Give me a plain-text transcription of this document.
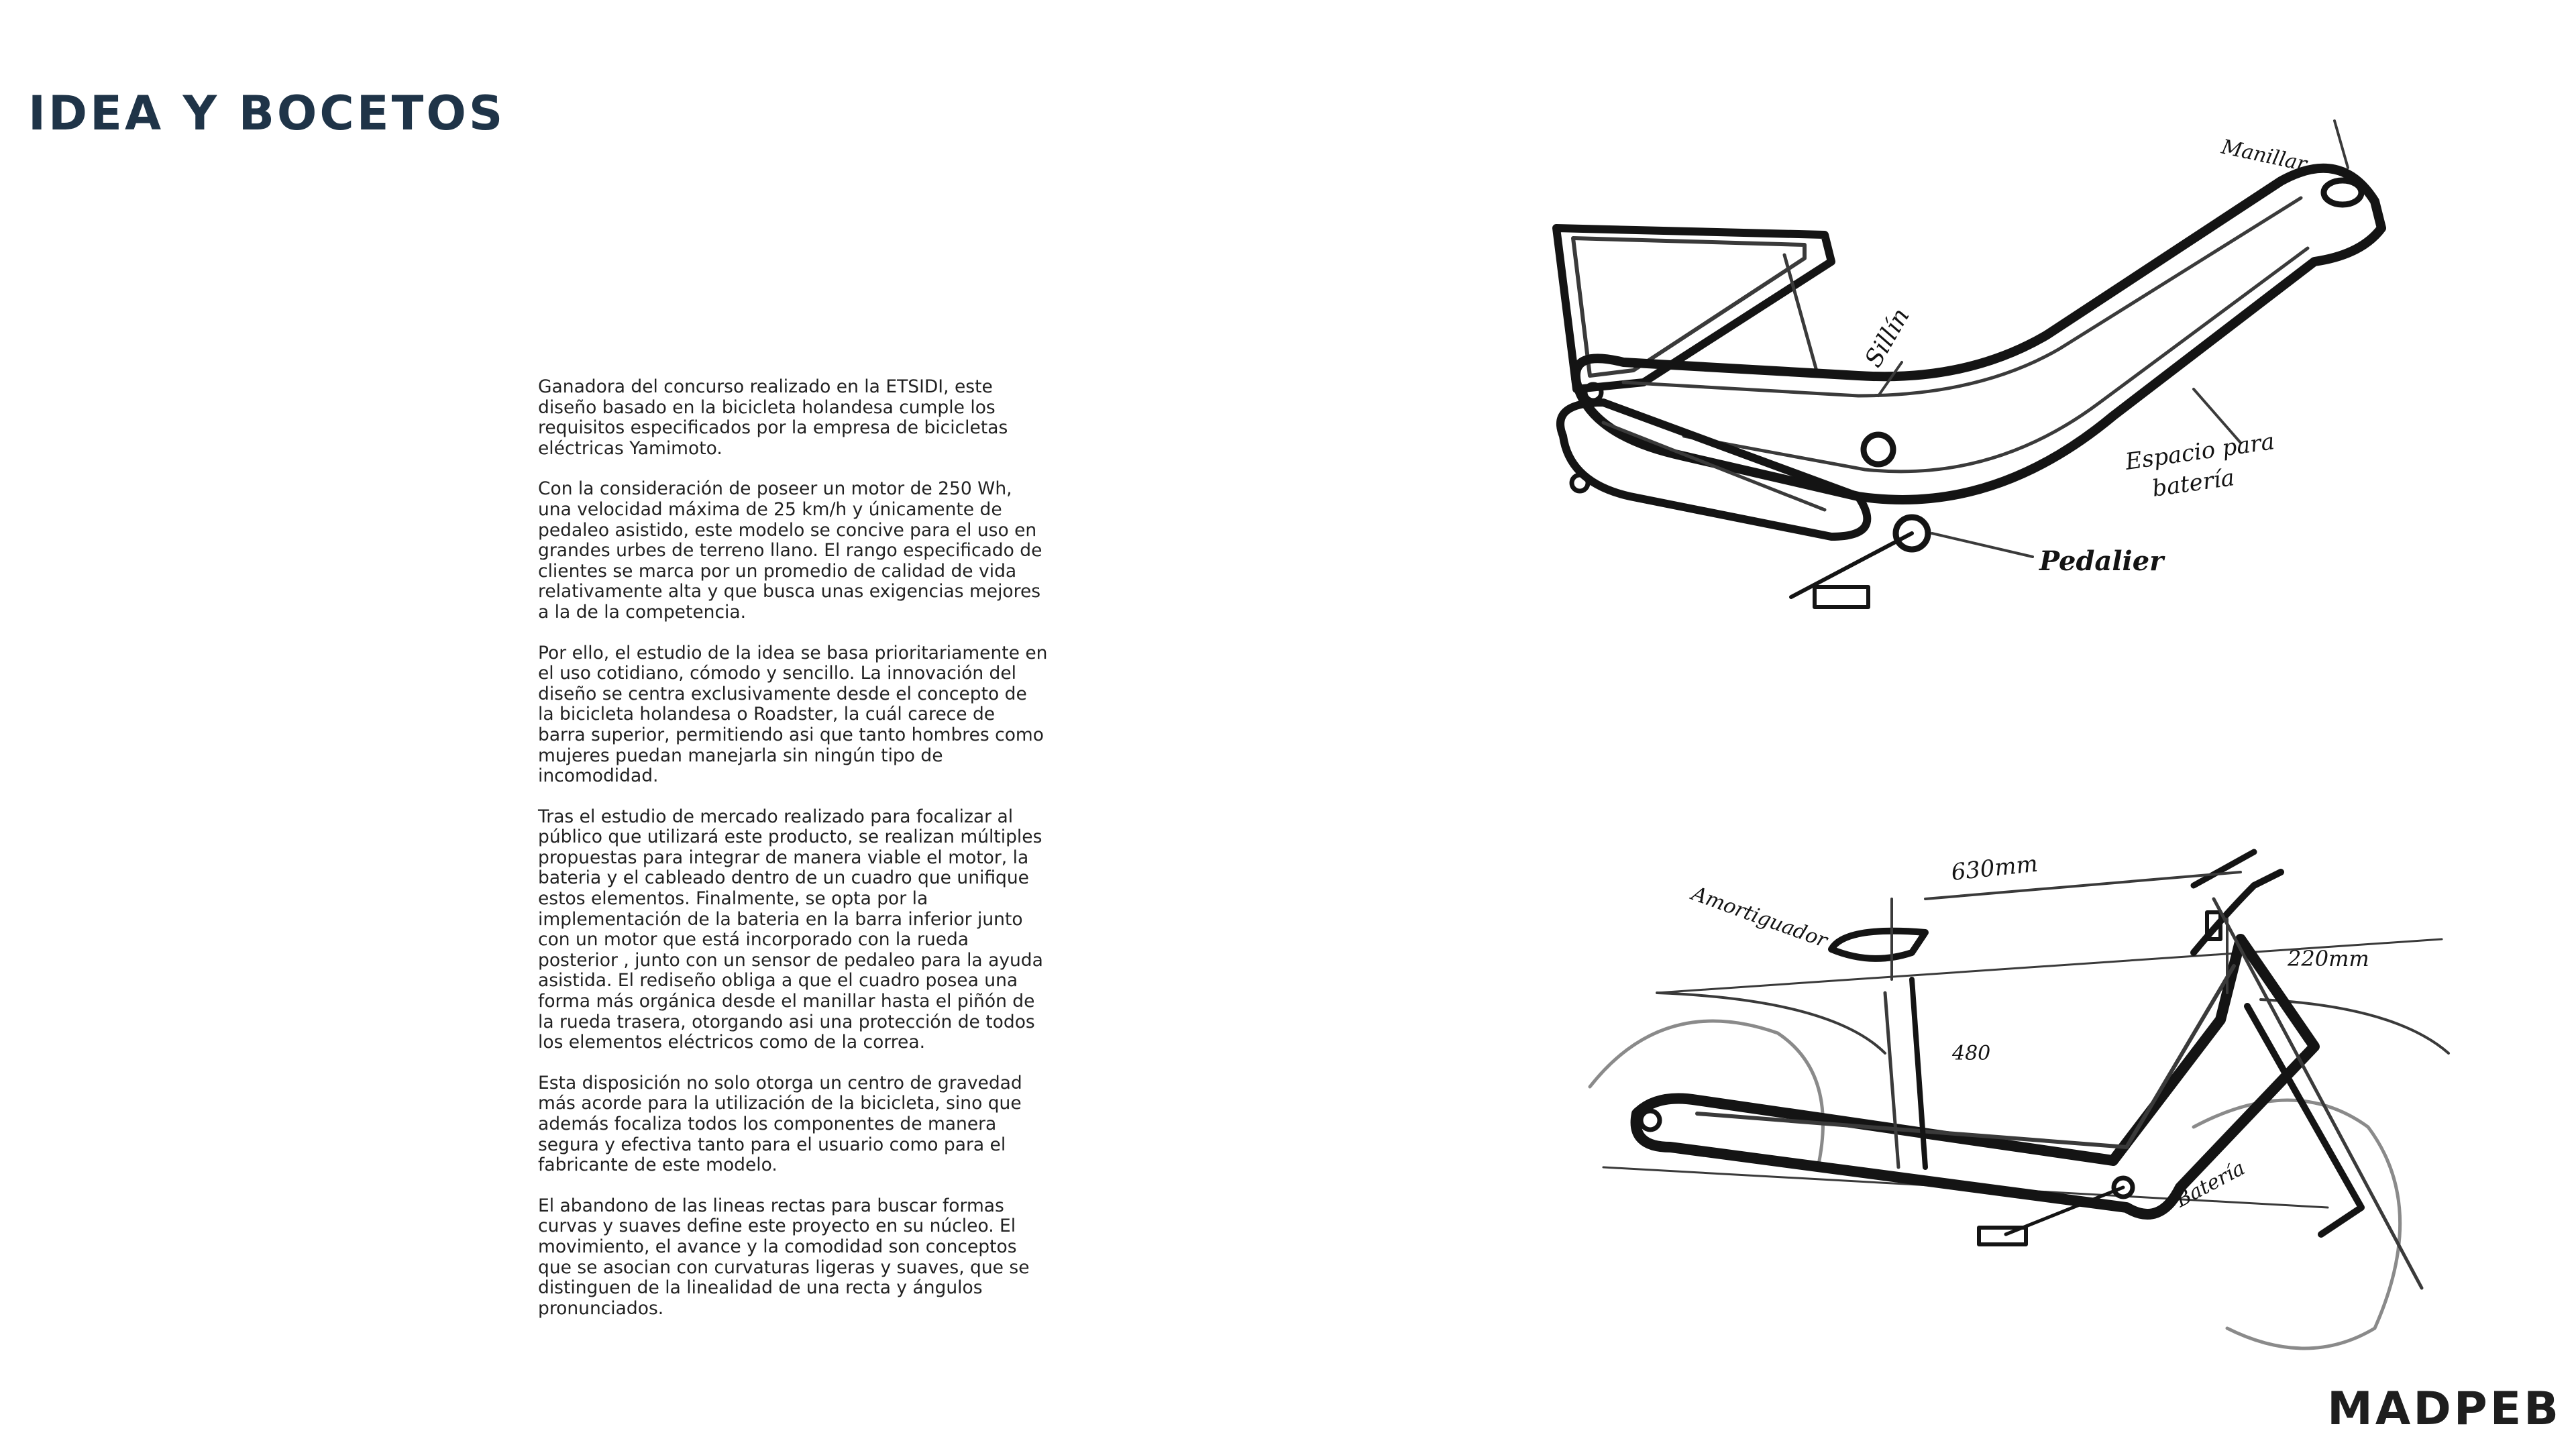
IDEA Y BOCETOS

Ganadora del concurso realizado en la ETSIDI, este diseño basado en la bicicleta holandesa cumple los requisitos especificados por la empresa de bicicletas eléctricas Yamimoto.

Con la consideración de poseer un motor de 250 Wh, una velocidad máxima de 25 km/h y únicamente de pedaleo asistido, este modelo se concive para el uso en grandes urbes de terreno llano. El rango especificado de clientes se marca por un promedio de calidad de vida relativamente alta y que busca unas exigencias mejores a la de la competencia.

Por ello, el estudio de la idea se basa prioritariamente en el uso cotidiano, cómodo y sencillo. La innovación del diseño se centra exclusivamente desde el concepto de la bicicleta holandesa o Roadster, la cuál carece de barra superior, permitiendo asi que tanto hombres como mujeres puedan manejarla sin ningún tipo de incomodidad.

Tras el estudio de mercado realizado para focalizar al público que utilizará este producto, se realizan múltiples propuestas para integrar de manera viable el motor, la bateria y el cableado dentro de un cuadro que unifique estos elementos. Finalmente, se opta por la implementación de la bateria en la barra inferior junto con un motor que está incorporado con la rueda posterior , junto con un sensor de pedaleo para la ayuda asistida. El rediseño obliga a que el cuadro posea una forma más orgánica desde el manillar hasta el piñón de la rueda trasera, otorgando asi una protección de todos los elementos eléctricos como de la correa.

Esta disposición no solo otorga un centro de gravedad más acorde para la utilización de la bicicleta, sino que además focaliza todos los componentes de manera segura y efectiva tanto para el usuario como para el fabricante de este modelo.

El abandono de las lineas rectas para buscar formas curvas y suaves define este proyecto en su núcleo. El movimiento, el avance y la comodidad son conceptos que se asocian con curvaturas ligeras y suaves, que se distinguen de la linealidad de una recta y ángulos pronunciados.

Manillar
Sillín
Espacio para
batería
Pedalier
630mm
Amortiguador
480
220mm
Batería
MADPEB
